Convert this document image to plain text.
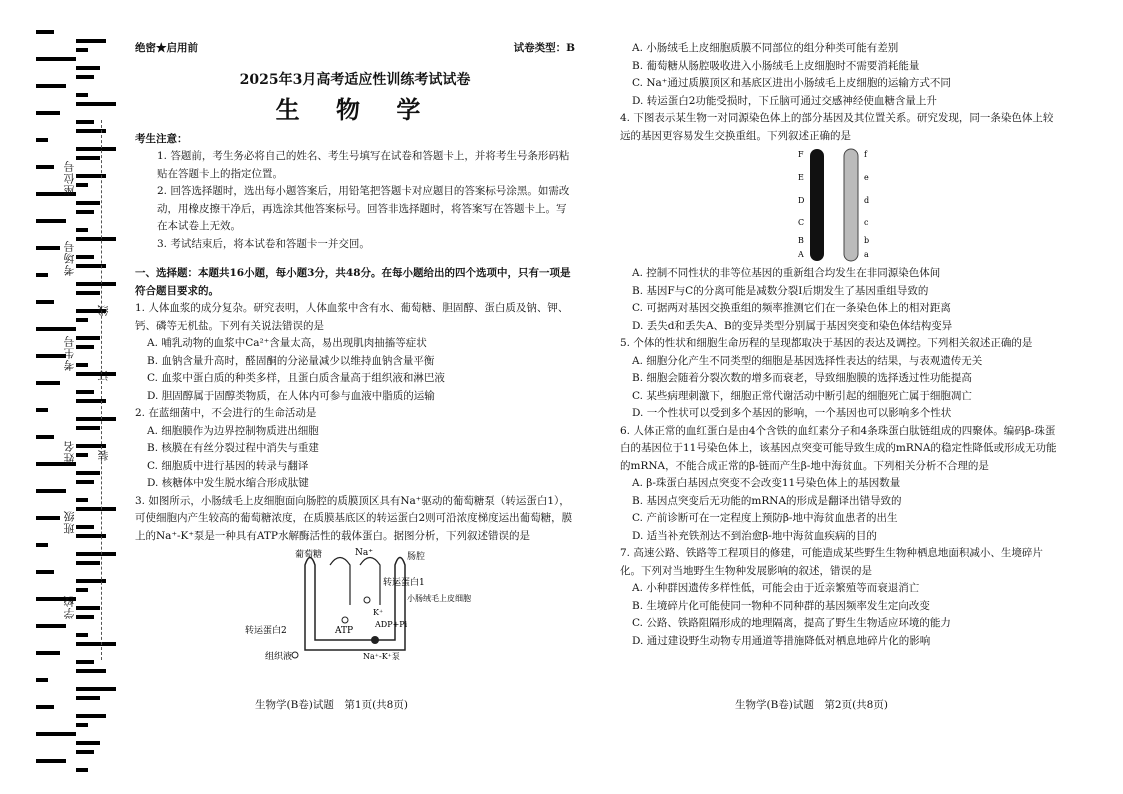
座位号
考场号
考生号
姓名
班级
学校
线
订
装
绝密★启用前	试卷类型：B
2025年3月高考适应性训练考试试卷
生 物 学

考生注意：

1. 答题前，考生务必将自己的姓名、考生号填写在试卷和答题卡上，并将考生号条形码粘贴在答题卡上的指定位置。

2. 回答选择题时，选出每小题答案后，用铅笔把答题卡对应题目的答案标号涂黑。如需改动，用橡皮擦干净后，再选涂其他答案标号。回答非选择题时，将答案写在答题卡上。写在本试卷上无效。

3. 考试结束后，将本试卷和答题卡一并交回。

一、选择题：本题共16小题，每小题3分，共48分。在每小题给出的四个选项中，只有一项是符合题目要求的。

1. 人体血浆的成分复杂。研究表明，人体血浆中含有水、葡萄糖、胆固醇、蛋白质及钠、钾、钙、磷等无机盐。下列有关说法错误的是

A. 哺乳动物的血浆中Ca²⁺含量太高，易出现肌肉抽搐等症状

B. 血钠含量升高时，醛固酮的分泌量减少以维持血钠含量平衡

C. 血浆中蛋白质的种类多样，且蛋白质含量高于组织液和淋巴液

D. 胆固醇属于固醇类物质，在人体内可参与血液中脂质的运输

2. 在蓝细菌中，不会进行的生命活动是

A. 细胞膜作为边界控制物质进出细胞

B. 核膜在有丝分裂过程中消失与重建

C. 细胞质中进行基因的转录与翻译

D. 核糖体中发生脱水缩合形成肽键

3. 如图所示，小肠绒毛上皮细胞面向肠腔的质膜顶区具有Na⁺驱动的葡萄糖泵（转运蛋白1），可使细胞内产生较高的葡萄糖浓度，在质膜基底区的转运蛋白2则可沿浓度梯度运出葡萄糖，膜上的Na⁺-K⁺泵是一种具有ATP水解酶活性的载体蛋白。据图分析，下列叙述错误的是

葡萄糖	Na⁺	肠腔
转运蛋白1
小肠绒毛上皮细胞
转运蛋白2	ATP
ADP+Pi
K⁺
组织液	Na⁺-K⁺泵
生物学(B卷)试题　第1页(共8页)

A. 小肠绒毛上皮细胞质膜不同部位的组分种类可能有差别

B. 葡萄糖从肠腔吸收进入小肠绒毛上皮细胞时不需要消耗能量

C. Na⁺通过质膜顶区和基底区进出小肠绒毛上皮细胞的运输方式不同

D. 转运蛋白2功能受损时，下丘脑可通过交感神经使血糖含量上升

4. 下图表示某生物一对同源染色体上的部分基因及其位置关系。研究发现，同一条染色体上较远的基因更容易发生交换重组。下列叙述正确的是

F
E
D
C
B
A
f
e
d
c
b
a

A. 控制不同性状的非等位基因的重新组合均发生在非同源染色体间

B. 基因F与C的分离可能是减数分裂Ⅰ后期发生了基因重组导致的

C. 可据两对基因交换重组的频率推测它们在一条染色体上的相对距离

D. 丢失d和丢失A、B的变异类型分别属于基因突变和染色体结构变异

5. 个体的性状和细胞生命历程的呈现都取决于基因的表达及调控。下列相关叙述正确的是

A. 细胞分化产生不同类型的细胞是基因选择性表达的结果，与表观遗传无关

B. 细胞会随着分裂次数的增多而衰老，导致细胞膜的选择透过性功能提高

C. 某些病理刺激下，细胞正常代谢活动中断引起的细胞死亡属于细胞凋亡

D. 一个性状可以受到多个基因的影响，一个基因也可以影响多个性状

6. 人体正常的血红蛋白是由4个含铁的血红素分子和4条珠蛋白肽链组成的四聚体。编码β-珠蛋白的基因位于11号染色体上，该基因点突变可能导致生成的mRNA的稳定性降低或形成无功能的mRNA，不能合成正常的β-链而产生β-地中海贫血。下列相关分析不合理的是

A. β-珠蛋白基因点突变不会改变11号染色体上的基因数量

B. 基因点突变后无功能的mRNA的形成是翻译出错导致的

C. 产前诊断可在一定程度上预防β-地中海贫血患者的出生

D. 适当补充铁剂达不到治愈β-地中海贫血疾病的目的

7. 高速公路、铁路等工程项目的修建，可能造成某些野生生物种栖息地面积减小、生境碎片化。下列对当地野生生物种发展影响的叙述，错误的是

A. 小种群因遗传多样性低，可能会由于近亲繁殖等而衰退消亡

B. 生境碎片化可能使同一物种不同种群的基因频率发生定向改变

C. 公路、铁路阻隔形成的地理隔离，提高了野生生物适应环境的能力

D. 通过建设野生动物专用通道等措施降低对栖息地碎片化的影响

生物学(B卷)试题　第2页(共8页)
